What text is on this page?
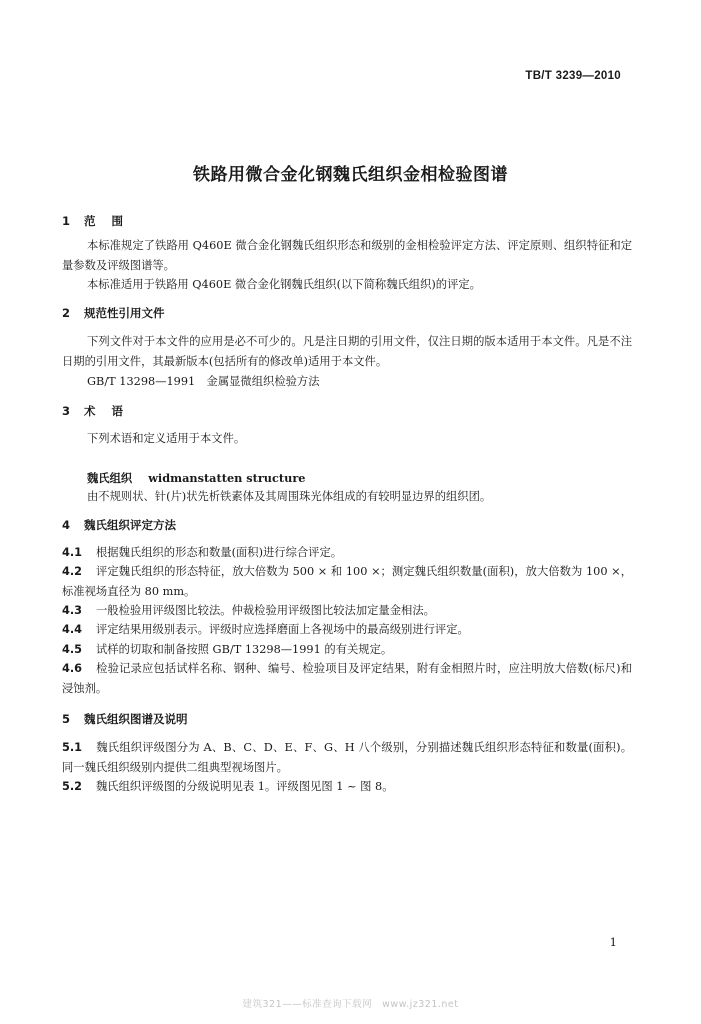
TB/T 3239—2010
铁路用微合金化钢魏氏组织金相检验图谱
1 范围
本标准规定了铁路用 Q460E 微合金化钢魏氏组织形态和级别的金相检验评定方法、评定原则、组织特征和定量参数及评级图谱等。
本标准适用于铁路用 Q460E 微合金化钢魏氏组织(以下简称魏氏组织)的评定。
2 规范性引用文件
下列文件对于本文件的应用是必不可少的。凡是注日期的引用文件，仅注日期的版本适用于本文件。凡是不注日期的引用文件，其最新版本(包括所有的修改单)适用于本文件。
GB/T 13298—1991　金属显微组织检验方法
3 术语
下列术语和定义适用于本文件。
魏氏组织 widmanstatten structure
由不规则状、针(片)状先析铁素体及其周围珠光体组成的有较明显边界的组织团。
4 魏氏组织评定方法
4.1 根据魏氏组织的形态和数量(面积)进行综合评定。
4.2 评定魏氏组织的形态特征，放大倍数为 500 × 和 100 ×；测定魏氏组织数量(面积)，放大倍数为 100 ×，标准视场直径为 80 mm。
4.3 一般检验用评级图比较法。仲裁检验用评级图比较法加定量金相法。
4.4 评定结果用级别表示。评级时应选择磨面上各视场中的最高级别进行评定。
4.5 试样的切取和制备按照 GB/T 13298—1991 的有关规定。
4.6 检验记录应包括试样名称、钢种、编号、检验项目及评定结果，附有金相照片时，应注明放大倍数(标尺)和浸蚀剂。
5 魏氏组织图谱及说明
5.1 魏氏组织评级图分为 A、B、C、D、E、F、G、H 八个级别，分别描述魏氏组织形态特征和数量(面积)。同一魏氏组织级别内提供二组典型视场图片。
5.2 魏氏组织评级图的分级说明见表 1。评级图见图 1 ~ 图 8。
1
建筑321——标准查询下载网　www.jz321.net
